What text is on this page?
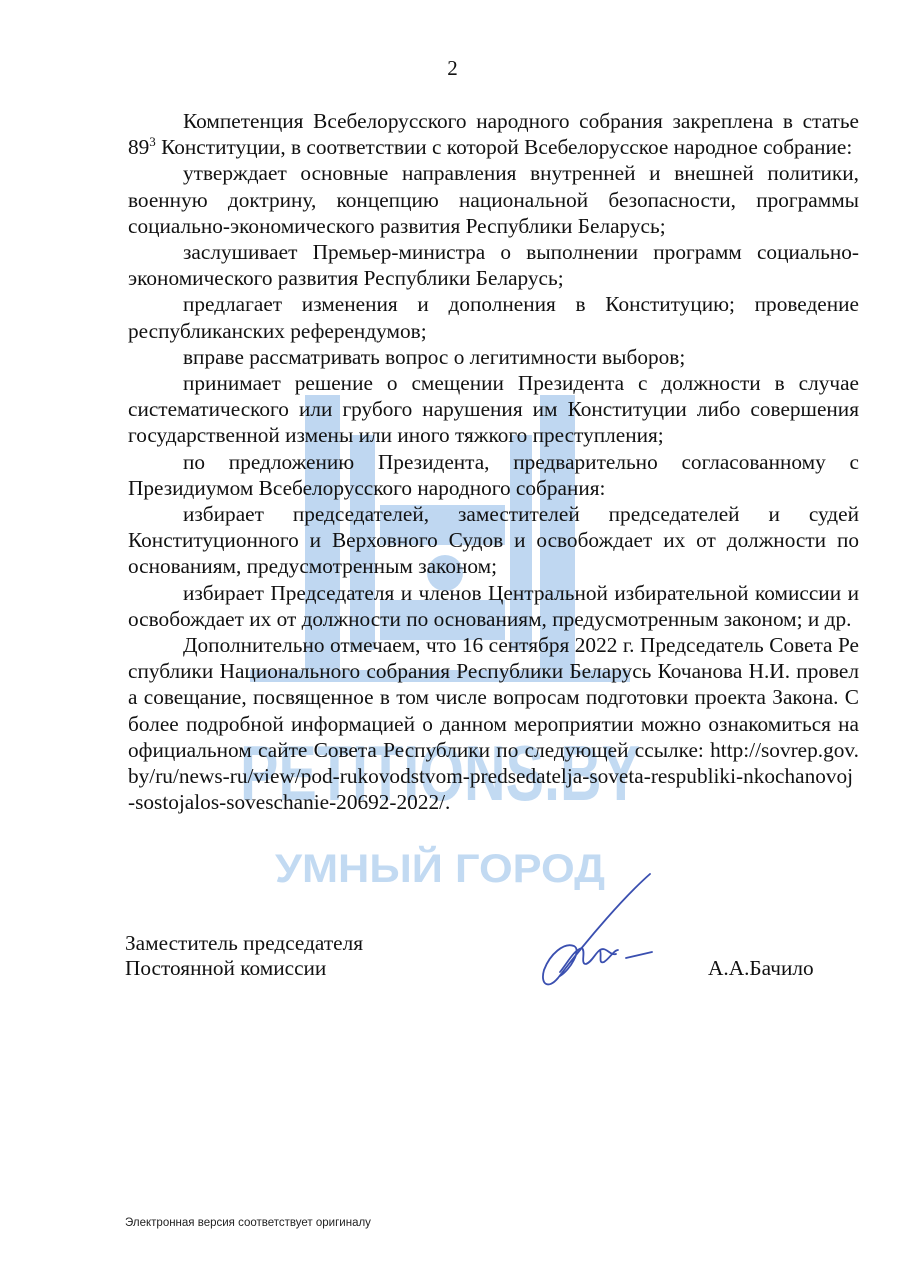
2
PETITIONS.BY
УМНЫЙ ГОРОД

Компетенция Всебелорусского народного собрания закреплена в статье $89^3$ Конституции, в соответствии с которой Всебелорусское народное собрание:

утверждает основные направления внутренней и внешней политики, военную доктрину, концепцию национальной безопасности, программы социально-экономического развития Республики Беларусь;

заслушивает Премьер-министра о выполнении программ социально-экономического развития Республики Беларусь;

предлагает изменения и дополнения в Конституцию; проведение республиканских референдумов;

вправе рассматривать вопрос о легитимности выборов;

принимает решение о смещении Президента с должности в случае систематического или грубого нарушения им Конституции либо совершения государственной измены или иного тяжкого преступления;

по предложению Президента, предварительно согласованному с Президиумом Всебелорусского народного собрания:

избирает председателей, заместителей председателей и судей Конституционного и Верховного Судов и освобождает их от должности по основаниям, предусмотренным законом;

избирает Председателя и членов Центральной избирательной комиссии и освобождает их от должности по основаниям, предусмотренным законом; и др.

Дополнительно отмечаем, что 16 сентября 2022 г. Председатель Совета Республики Национального собрания Республики Беларусь Кочанова Н.И. провела совещание, посвященное в том числе вопросам подготовки проекта Закона. С более подробной информацией о данном мероприятии можно ознакомиться на официальном сайте Совета Республики по следующей ссылке: http://sovrep.gov.by/ru/news-ru/view/pod-rukovodstvom-predsedatelja-soveta-respubliki-nkochanovoj-sostojalos-soveschanie-20692-2022/.

Заместитель председателя
Постоянной комиссии	А.А.Бачило
Электронная версия соответствует оригиналу
